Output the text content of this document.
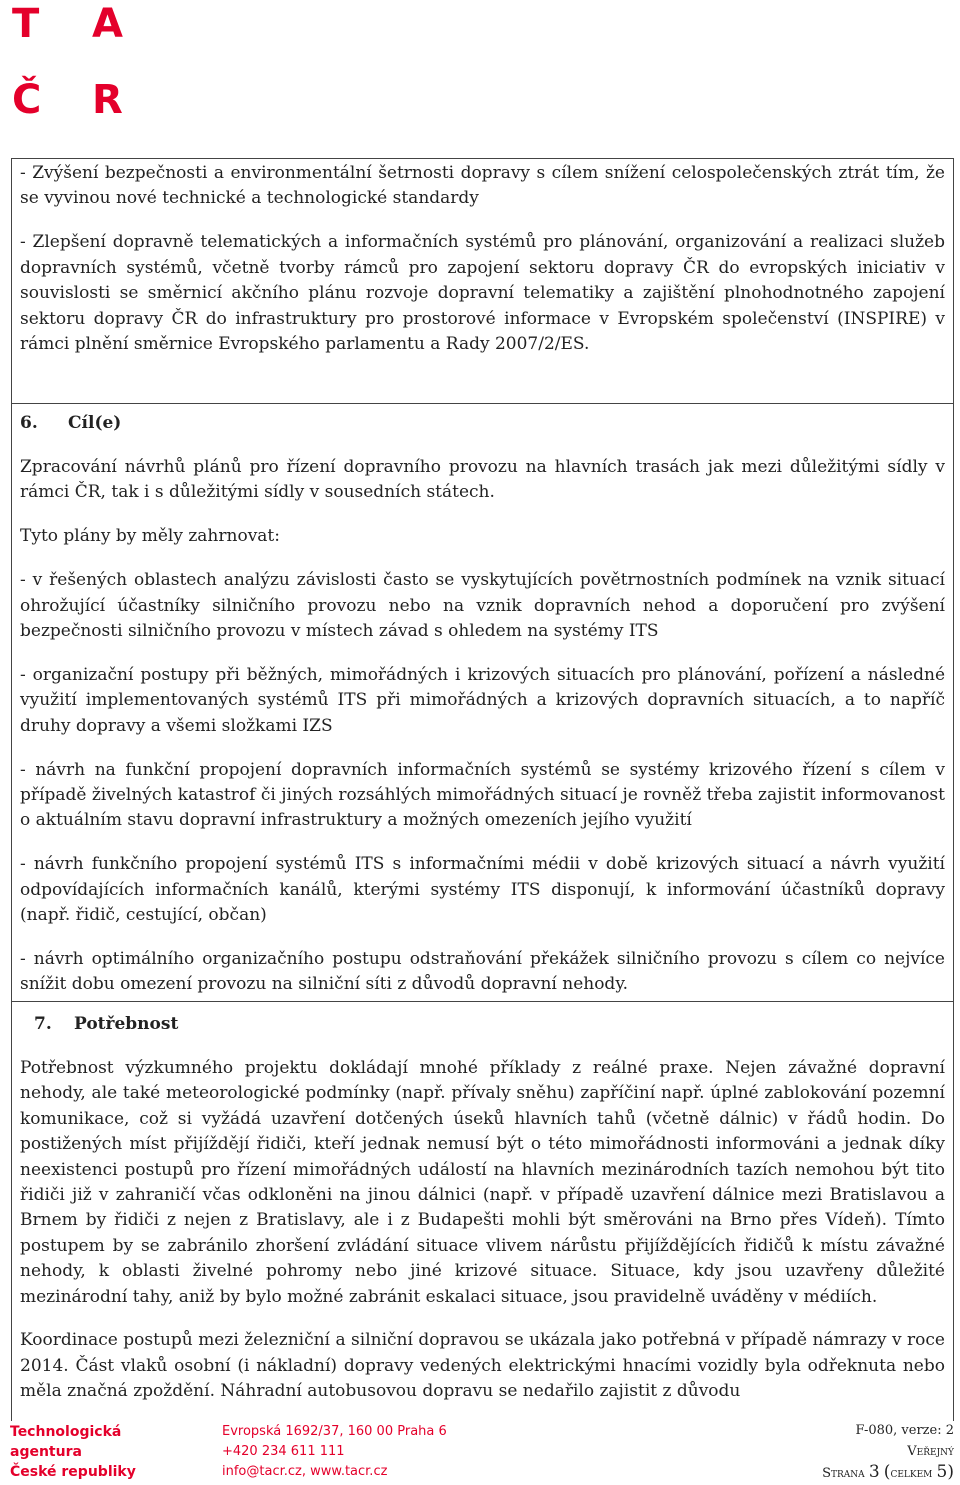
T A
Č R

- Zvýšení bezpečnosti a environmentální šetrnosti dopravy s cílem snížení celospolečenských ztrát tím, že se vyvinou nové technické a technologické standardy

- Zlepšení dopravně telematických a informačních systémů pro plánování, organizování a realizaci služeb dopravních systémů, včetně tvorby rámců pro zapojení sektoru dopravy ČR do evropských iniciativ v souvislosti se směrnicí akčního plánu rozvoje dopravní telematiky a zajištění plnohodnotného zapojení sektoru dopravy ČR do infrastruktury pro prostorové informace v Evropském společenství (INSPIRE) v rámci plnění směrnice Evropského parlamentu a Rady 2007/2/ES.

6. Cíl(e)

Zpracování návrhů plánů pro řízení dopravního provozu na hlavních trasách jak mezi důležitými sídly v rámci ČR, tak i s důležitými sídly v sousedních státech.

Tyto plány by měly zahrnovat:

- v řešených oblastech analýzu závislosti často se vyskytujících povětrnostních podmínek na vznik situací ohrožující účastníky silničního provozu nebo na vznik dopravních nehod a doporučení pro zvýšení bezpečnosti silničního provozu v místech závad s ohledem na systémy ITS

- organizační postupy při běžných, mimořádných i krizových situacích pro plánování, pořízení a následné využití implementovaných systémů ITS při mimořádných a krizových dopravních situacích, a to napříč druhy dopravy a všemi složkami IZS

- návrh na funkční propojení dopravních informačních systémů se systémy krizového řízení s cílem v případě živelných katastrof či jiných rozsáhlých mimořádných situací je rovněž třeba zajistit informovanost o aktuálním stavu dopravní infrastruktury a možných omezeních jejího využití

- návrh funkčního propojení systémů ITS s informačními médii v době krizových situací a návrh využití odpovídajících informačních kanálů, kterými systémy ITS disponují, k informování účastníků dopravy (např. řidič, cestující, občan)

- návrh optimálního organizačního postupu odstraňování překážek silničního provozu s cílem co nejvíce snížit dobu omezení provozu na silniční síti z důvodů dopravní nehody.

7. Potřebnost

Potřebnost výzkumného projektu dokládají mnohé příklady z reálné praxe. Nejen závažné dopravní nehody, ale také meteorologické podmínky (např. přívaly sněhu) zapříčiní např. úplné zablokování pozemní komunikace, což si vyžádá uzavření dotčených úseků hlavních tahů (včetně dálnic) v řádů hodin. Do postižených míst přijíždějí řidiči, kteří jednak nemusí být o této mimořádnosti informováni a jednak díky neexistenci postupů pro řízení mimořádných událostí na hlavních mezinárodních tazích nemohou být tito řidiči již v zahraničí včas odkloněni na jinou dálnici (např. v případě uzavření dálnice mezi Bratislavou a Brnem by řidiči z nejen z Bratislavy, ale i z Budapešti mohli být směrováni na Brno přes Vídeň). Tímto postupem by se zabránilo zhoršení zvládání situace vlivem nárůstu přijíždějících řidičů k místu závažné nehody, k oblasti živelné pohromy nebo jiné krizové situace. Situace, kdy jsou uzavřeny důležité mezinárodní tahy, aniž by bylo možné zabránit eskalaci situace, jsou pravidelně uváděny v médiích.

Koordinace postupů mezi železniční a silniční dopravou se ukázala jako potřebná v případě námrazy v roce 2014. Část vlaků osobní (i nákladní) dopravy vedených elektrickými hnacími vozidly byla odřeknuta nebo měla značná zpoždění. Náhradní autobusovou dopravu se nedařilo zajistit z důvodu

Technologická
agentura
České republiky
Evropská 1692/37, 160 00 Praha 6
+420 234 611 111
info@tacr.cz, www.tacr.cz
F-080, verze: 2
Veřejný
Strana 3 (celkem 5)
